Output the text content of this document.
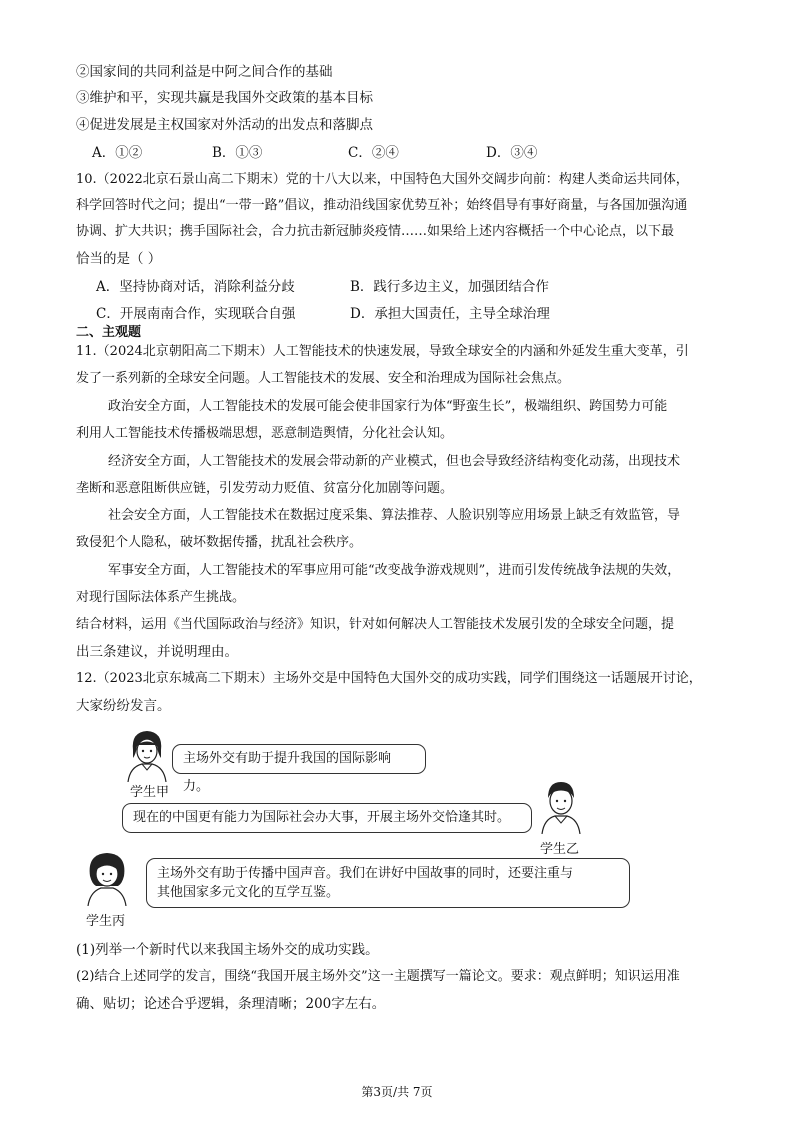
②国家间的共同利益是中阿之间合作的基础
③维护和平，实现共赢是我国外交政策的基本目标
④促进发展是主权国家对外活动的出发点和落脚点
A．①②	B．①③	C．②④	D．③④
10.（2022北京石景山高二下期末）党的十八大以来，中国特色大国外交阔步向前：构建人类命运共同体，
科学回答时代之问；提出“一带一路”倡议，推动沿线国家优势互补；始终倡导有事好商量，与各国加强沟通
协调、扩大共识；携手国际社会，合力抗击新冠肺炎疫情……如果给上述内容概括一个中心论点，以下最
恰当的是（ ）
A．坚持协商对话，消除利益分歧	B．践行多边主义，加强团结合作
C．开展南南合作，实现联合自强	D．承担大国责任，主导全球治理
二、主观题
11.（2024北京朝阳高二下期末）人工智能技术的快速发展，导致全球安全的内涵和外延发生重大变革，引
发了一系列新的全球安全问题。人工智能技术的发展、安全和治理成为国际社会焦点。
政治安全方面，人工智能技术的发展可能会使非国家行为体“野蛮生长”，极端组织、跨国势力可能
利用人工智能技术传播极端思想，恶意制造舆情，分化社会认知。
经济安全方面，人工智能技术的发展会带动新的产业模式，但也会导致经济结构变化动荡，出现技术
垄断和恶意阻断供应链，引发劳动力贬值、贫富分化加剧等问题。
社会安全方面，人工智能技术在数据过度采集、算法推荐、人脸识别等应用场景上缺乏有效监管，导
致侵犯个人隐私，破坏数据传播，扰乱社会秩序。
军事安全方面，人工智能技术的军事应用可能“改变战争游戏规则”，进而引发传统战争法规的失效，
对现行国际法体系产生挑战。
结合材料，运用《当代国际政治与经济》知识，针对如何解决人工智能技术发展引发的全球安全问题，提
出三条建议，并说明理由。
12.（2023北京东城高二下期末）主场外交是中国特色大国外交的成功实践，同学们围绕这一话题展开讨论，
大家纷纷发言。
主场外交有助于提升我国的国际影响力。
学生甲
现在的中国更有能力为国际社会办大事，开展主场外交恰逢其时。
学生乙
主场外交有助于传播中国声音。我们在讲好中国故事的同时，还要注重与
其他国家多元文化的互学互鉴。
学生丙
(1)列举一个新时代以来我国主场外交的成功实践。
(2)结合上述同学的发言，围绕“我国开展主场外交”这一主题撰写一篇论文。要求：观点鲜明；知识运用准
确、贴切；论述合乎逻辑，条理清晰；200字左右。
第3页/共 7页
